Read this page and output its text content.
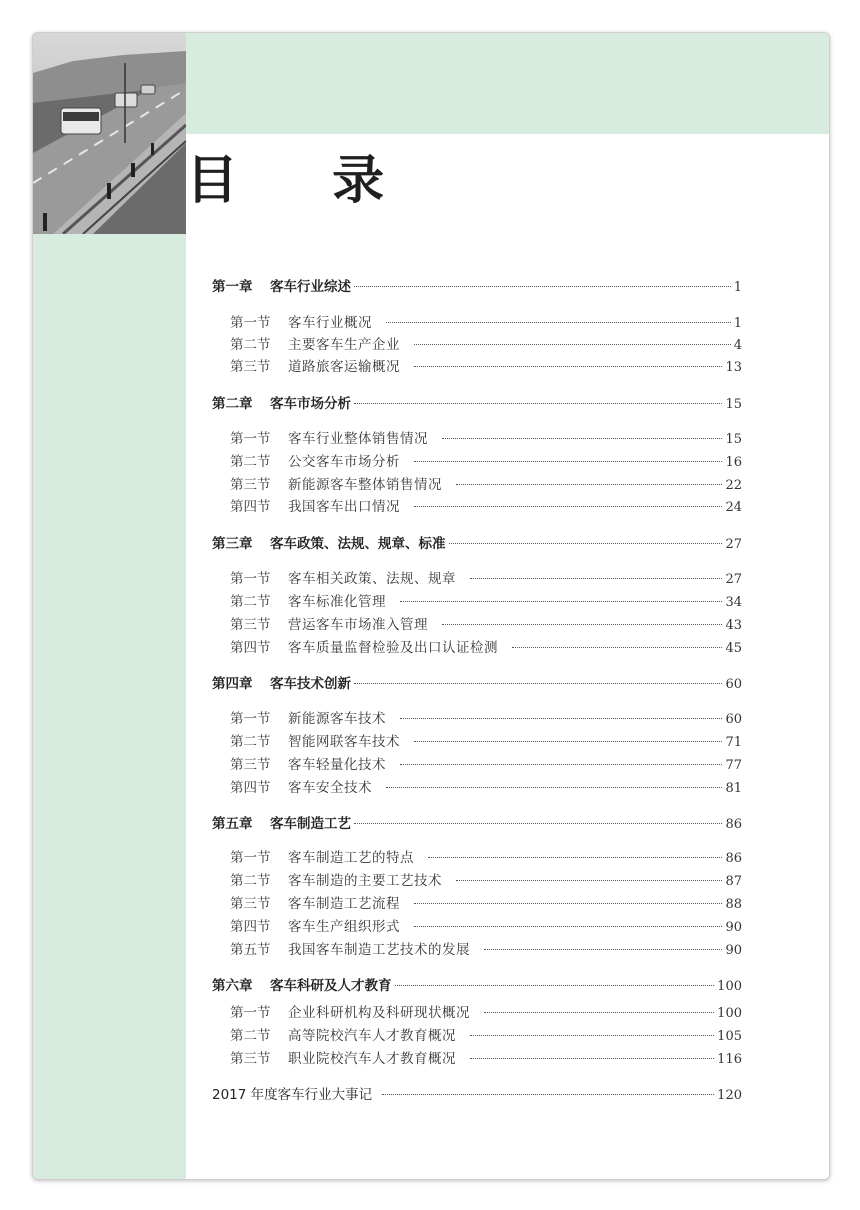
目 录
第一章	客车行业综述	1
第一节	客车行业概况	1
第二节	主要客车生产企业	4
第三节	道路旅客运输概况	13
第二章	客车市场分析	15
第一节	客车行业整体销售情况	15
第二节	公交客车市场分析	16
第三节	新能源客车整体销售情况	22
第四节	我国客车出口情况	24
第三章	客车政策、法规、规章、标准	27
第一节	客车相关政策、法规、规章	27
第二节	客车标准化管理	34
第三节	营运客车市场准入管理	43
第四节	客车质量监督检验及出口认证检测	45
第四章	客车技术创新	60
第一节	新能源客车技术	60
第二节	智能网联客车技术	71
第三节	客车轻量化技术	77
第四节	客车安全技术	81
第五章	客车制造工艺	86
第一节	客车制造工艺的特点	86
第二节	客车制造的主要工艺技术	87
第三节	客车制造工艺流程	88
第四节	客车生产组织形式	90
第五节	我国客车制造工艺技术的发展	90
第六章	客车科研及人才教育	100
第一节	企业科研机构及科研现状概况	100
第二节	高等院校汽车人才教育概况	105
第三节	职业院校汽车人才教育概况	116
2017 年度客车行业大事记	120
